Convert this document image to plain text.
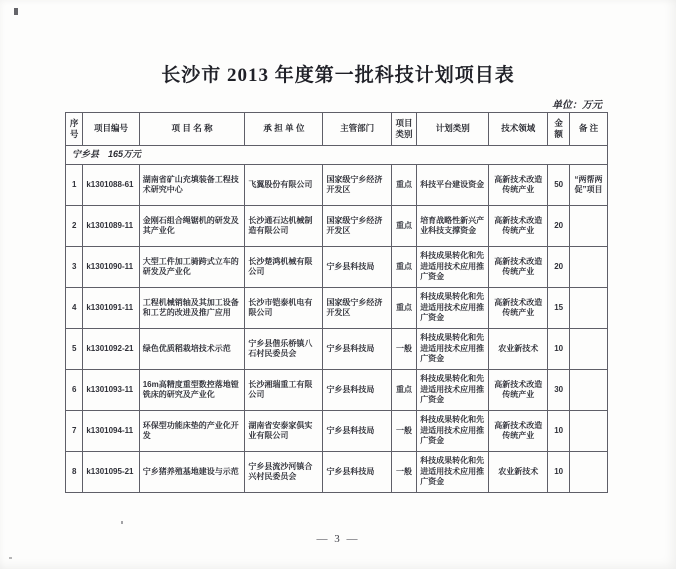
长沙市 2013 年度第一批科技计划项目表
单位：万元
序号	项目编号	项 目 名 称	承 担 单 位	主管部门	项目类别	计划类别	技术领域	金额	备 注
宁乡县　165万元									
1	k1301088-61	湖南省矿山充填装备工程技术研究中心	飞翼股份有限公司	国家级宁乡经济开发区	重点	科技平台建设资金	高新技术改造传统产业	50	“两帮两促”项目
2	k1301089-11	金刚石组合绳锯机的研发及其产业化	长沙通石达机械制造有限公司	国家级宁乡经济开发区	重点	培育战略性新兴产业科技支撑资金	高新技术改造传统产业	20	
3	k1301090-11	大型工件加工骑跨式立车的研发及产业化	长沙楚鸿机械有限公司	宁乡县科技局	重点	科技成果转化和先进适用技术应用推广资金	高新技术改造传统产业	20	
4	k1301091-11	工程机械销轴及其加工设备和工艺的改进及推广应用	长沙市铠泰机电有限公司	国家级宁乡经济开发区	重点	科技成果转化和先进适用技术应用推广资金	高新技术改造传统产业	15	
5	k1301092-21	绿色优质稻栽培技术示范	宁乡县偕乐桥镇八石村民委员会	宁乡县科技局	一般	科技成果转化和先进适用技术应用推广资金	农业新技术	10	
6	k1301093-11	16m高精度重型数控落地镗铣床的研究及产业化	长沙湘瑞重工有限公司	宁乡县科技局	重点	科技成果转化和先进适用技术应用推广资金	高新技术改造传统产业	30	
7	k1301094-11	环保型功能床垫的产业化开发	湖南省安泰家俱实业有限公司	宁乡县科技局	一般	科技成果转化和先进适用技术应用推广资金	高新技术改造传统产业	10	
8	k1301095-21	宁乡猪养殖基地建设与示范	宁乡县流沙河镇合兴村民委员会	宁乡县科技局	一般	科技成果转化和先进适用技术应用推广资金	农业新技术	10	
— 3 —
